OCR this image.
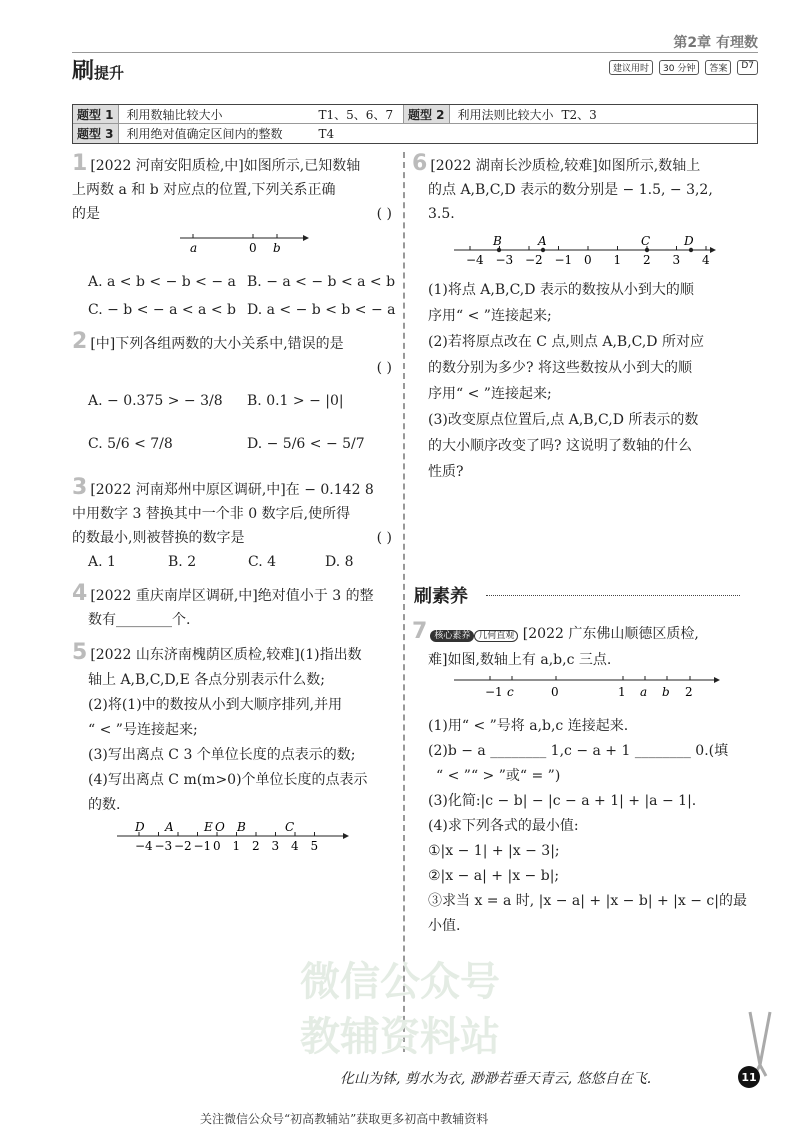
第2章 有理数
刷提升	建议用时	30 分钟	答案	D7
题型 1	利用数轴比较大小	T1、5、6、7	题型 2	利用法则比较大小 T2、3
题型 3	利用绝对值确定区间内的整数	T4
1 [2022 河南安阳质检,中]如图所示,已知数轴
上两数 a 和 b 对应点的位置,下列关系正确
的是	( )
a	0 b
A. a < b < − b < − a B. − a < − b < a < b
C. − b < − a < a < b D. a < − b < b < − a
2 [中]下列各组两数的大小关系中,错误的是
( )
A. − 0.375 > − 3/8 B. 0.1 > − |0|
C. 5/6 < 7/8	D. − 5/6 < − 5/7
3 [2022 河南郑州中原区调研,中]在 − 0.142 8
中用数字 3 替换其中一个非 0 数字后,使所得
的数最小,则被替换的数字是	( )
A. 1	B. 2	C. 4	D. 8
4 [2022 重庆南岸区调研,中]绝对值小于 3 的整
数有________个.
5 [2022 山东济南槐荫区质检,较难](1)指出数
轴上 A,B,C,D,E 各点分别表示什么数;
(2)将(1)中的数按从小到大顺序排列,并用
“ < ”号连接起来;
(3)写出离点 C 3 个单位长度的点表示的数;
(4)写出离点 C m(m>0)个单位长度的点表示
的数.
−4 −3 −2 −1 0 1 2 3 4 5
D A	E O B	C
6 [2022 湖南长沙质检,较难]如图所示,数轴上
的点 A,B,C,D 表示的数分别是 − 1.5, − 3,2,
3.5.
−4 −3 −2 −1 0 1 2 3 4
B	A	C	D
(1)将点 A,B,C,D 表示的数按从小到大的顺
序用“ < ”连接起来;
(2)若将原点改在 C 点,则点 A,B,C,D 所对应
的数分别为多少? 将这些数按从小到大的顺
序用“ < ”连接起来;
(3)改变原点位置后,点 A,B,C,D 所表示的数
的大小顺序改变了吗? 这说明了数轴的什么
性质?
刷素养
7 核心素养 几何直观 [2022 广东佛山顺德区质检,
难]如图,数轴上有 a,b,c 三点.
−1 c	0	1 a b 2
(1)用“ < ”号将 a,b,c 连接起来.
(2)b − a ________ 1,c − a + 1 ________ 0.(填
“ < ”“ > ”或“ = ”)
(3)化简:|c − b| − |c − a + 1| + |a − 1|.
(4)求下列各式的最小值:
①|x − 1| + |x − 3|;
②|x − a| + |x − b|;
③求当 x = a 时, |x − a| + |x − b| + |x − c|的最
小值.
微信公众号
教辅资料站
化山为钵, 剪水为衣, 渺渺若垂天青云, 悠悠自在飞.	11
关注微信公众号“初高教辅站”获取更多初高中教辅资料
